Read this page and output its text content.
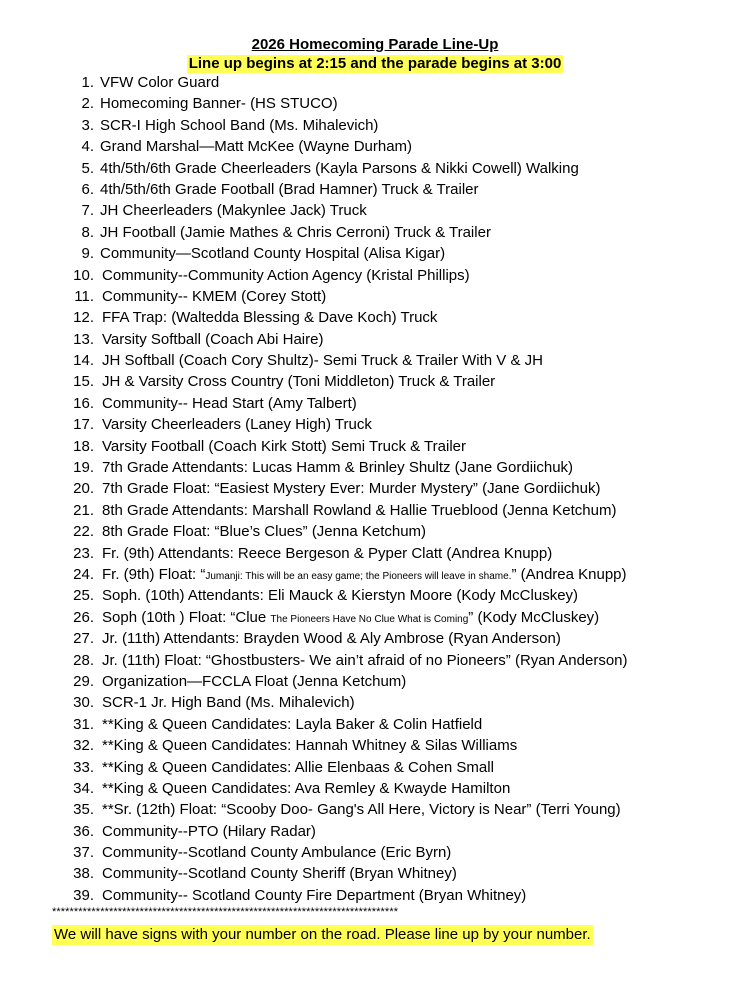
2026 Homecoming Parade Line-Up
Line up begins at 2:15 and the parade begins at 3:00
1. VFW Color Guard
2. Homecoming Banner- (HS STUCO)
3. SCR-I High School Band (Ms. Mihalevich)
4. Grand Marshal—Matt McKee (Wayne Durham)
5. 4th/5th/6th Grade Cheerleaders (Kayla Parsons & Nikki Cowell) Walking
6. 4th/5th/6th Grade Football (Brad Hamner) Truck & Trailer
7. JH Cheerleaders (Makynlee Jack) Truck
8. JH Football (Jamie Mathes & Chris Cerroni) Truck & Trailer
9. Community—Scotland County Hospital (Alisa Kigar)
10. Community--Community Action Agency (Kristal Phillips)
11. Community-- KMEM (Corey Stott)
12. FFA Trap: (Waltedda Blessing & Dave Koch) Truck
13. Varsity Softball (Coach Abi Haire)
14. JH Softball (Coach Cory Shultz)- Semi Truck & Trailer With V & JH
15. JH & Varsity Cross Country (Toni Middleton) Truck & Trailer
16. Community-- Head Start (Amy Talbert)
17. Varsity Cheerleaders (Laney High) Truck
18. Varsity Football (Coach Kirk Stott) Semi Truck & Trailer
19. 7th Grade Attendants: Lucas Hamm & Brinley Shultz (Jane Gordiichuk)
20. 7th Grade Float: “Easiest Mystery Ever: Murder Mystery” (Jane Gordiichuk)
21. 8th Grade Attendants: Marshall Rowland & Hallie Trueblood (Jenna Ketchum)
22. 8th Grade Float: “Blue’s Clues” (Jenna Ketchum)
23. Fr. (9th) Attendants: Reece Bergeson & Pyper Clatt (Andrea Knupp)
24. Fr. (9th) Float: “Jumanji: This will be an easy game; the Pioneers will leave in shame.” (Andrea Knupp)
25. Soph. (10th) Attendants: Eli Mauck & Kierstyn Moore (Kody McCluskey)
26. Soph (10th ) Float: “Clue The Pioneers Have No Clue What is Coming” (Kody McCluskey)
27. Jr. (11th) Attendants: Brayden Wood & Aly Ambrose (Ryan Anderson)
28. Jr. (11th) Float: “Ghostbusters- We ain’t afraid of no Pioneers” (Ryan Anderson)
29. Organization—FCCLA Float (Jenna Ketchum)
30. SCR-1 Jr. High Band (Ms. Mihalevich)
31. **King & Queen Candidates: Layla Baker & Colin Hatfield
32. **King & Queen Candidates: Hannah Whitney & Silas Williams
33. **King & Queen Candidates: Allie Elenbaas & Cohen Small
34. **King & Queen Candidates: Ava Remley & Kwayde Hamilton
35. **Sr. (12th) Float: “Scooby Doo- Gang's All Here, Victory is Near” (Terri Young)
36. Community--PTO (Hilary Radar)
37. Community--Scotland County Ambulance (Eric Byrn)
38. Community--Scotland County Sheriff (Bryan Whitney)
39. Community-- Scotland County Fire Department (Bryan Whitney)
*******************************************************************************
We will have signs with your number on the road. Please line up by your number.
